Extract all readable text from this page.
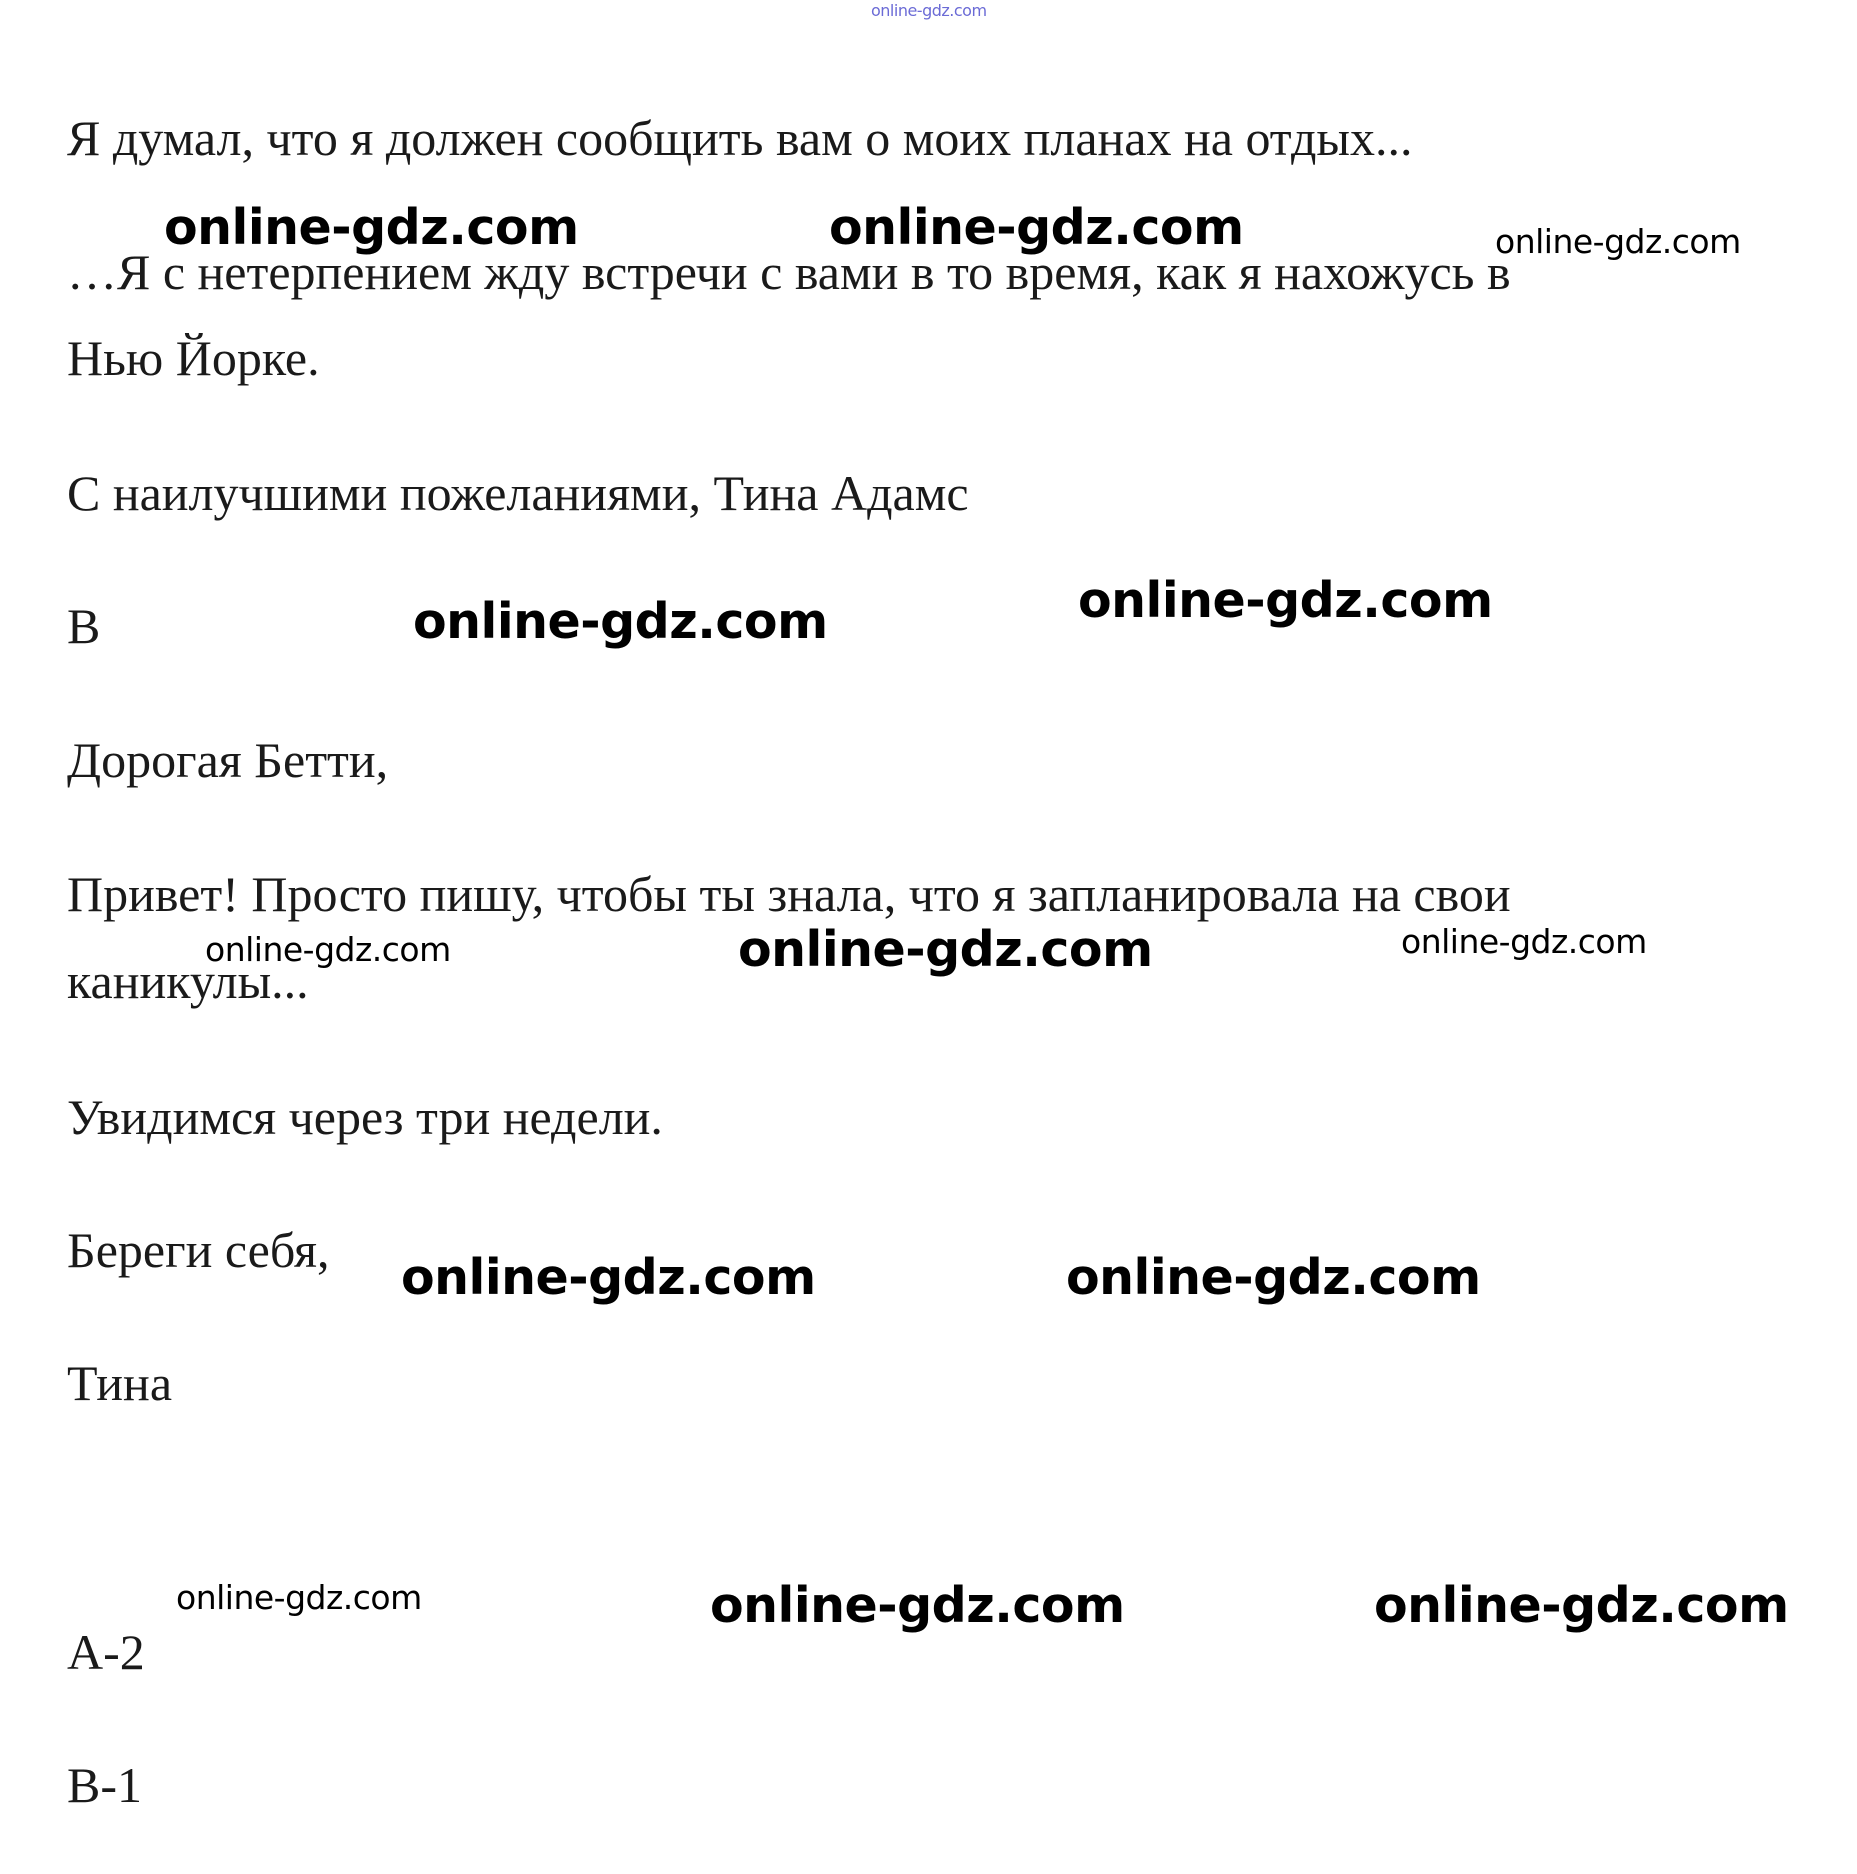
online-gdz.com
Я думал, что я должен сообщить вам о моих планах на отдых...
…Я с нетерпением жду встречи с вами в то время, как я нахожусь в
Нью Йорке.
С наилучшими пожеланиями, Тина Адамс
B
Дорогая Бетти,
Привет! Просто пишу, чтобы ты знала, что я запланировала на свои
каникулы...
Увидимся через три недели.
Береги себя,
Тина
A-2
B-1
online-gdz.com	online-gdz.com	online-gdz.com
online-gdz.com
online-gdz.com
online-gdz.com	online-gdz.com	online-gdz.com
online-gdz.com	online-gdz.com
online-gdz.com	online-gdz.com	online-gdz.com
